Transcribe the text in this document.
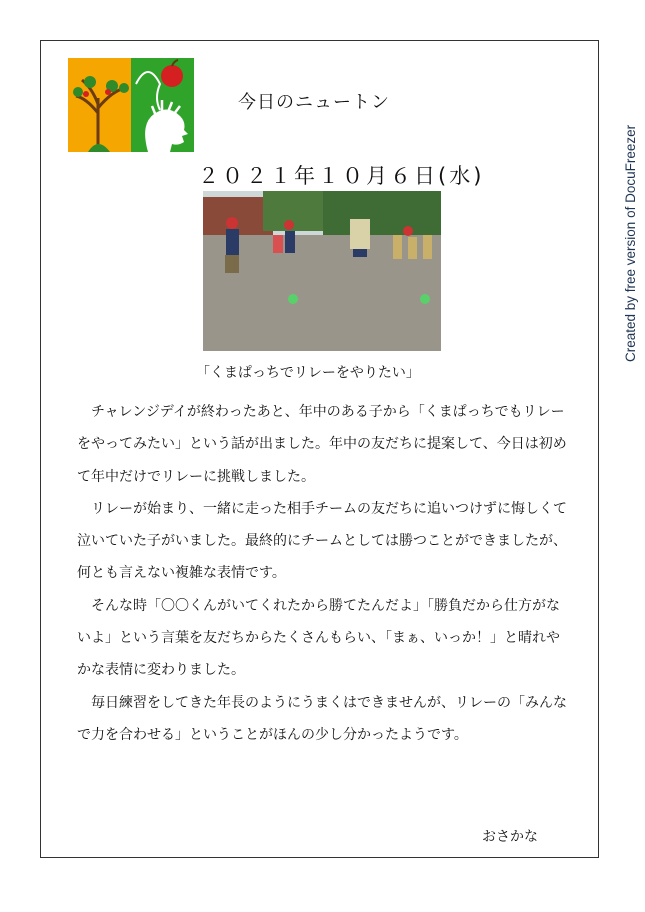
今日のニュートン
２０２１年１０月６日(水)
「くまぱっちでリレーをやりたい」

チャレンジデイが終わったあと、年中のある子から「くまぱっちでもリレーをやってみたい」という話が出ました。年中の友だちに提案して、今日は初めて年中だけでリレーに挑戦しました。

リレーが始まり、一緒に走った相手チームの友だちに追いつけずに悔しくて泣いていた子がいました。最終的にチームとしては勝つことができましたが、何とも言えない複雑な表情です。

そんな時「〇〇くんがいてくれたから勝てたんだよ」「勝負だから仕方がないよ」という言葉を友だちからたくさんもらい、「まぁ、いっか！」と晴れやかな表情に変わりました。

毎日練習をしてきた年長のようにうまくはできませんが、リレーの「みんなで力を合わせる」ということがほんの少し分かったようです。

おさかな
Created by free version of DocuFreezer
